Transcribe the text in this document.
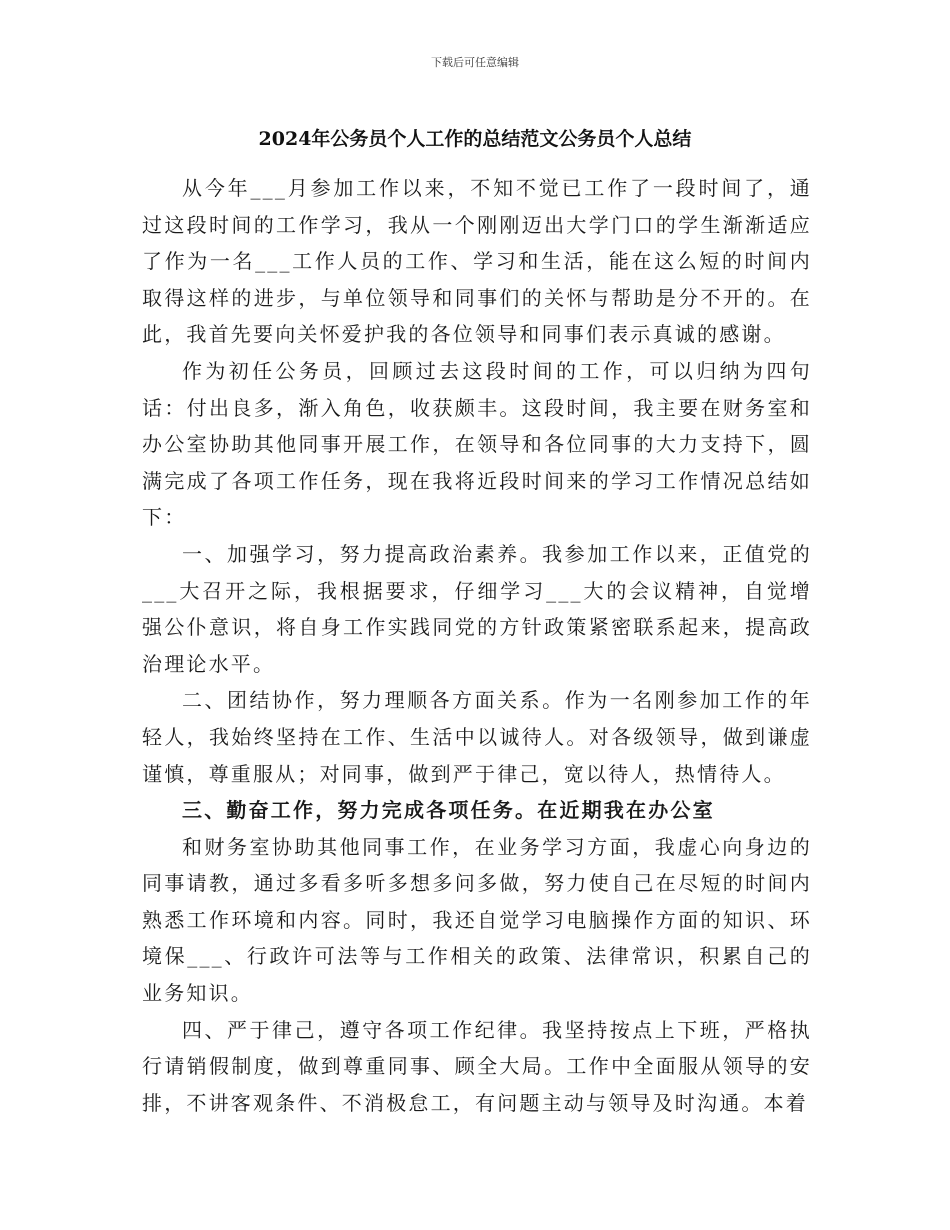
下载后可任意编辑
2024年公务员个人工作的总结范文公务员个人总结

从今年___月参加工作以来，不知不觉已工作了一段时间了，通过这段时间的工作学习，我从一个刚刚迈出大学门口的学生渐渐适应了作为一名___工作人员的工作、学习和生活，能在这么短的时间内取得这样的进步，与单位领导和同事们的关怀与帮助是分不开的。在此，我首先要向关怀爱护我的各位领导和同事们表示真诚的感谢。

作为初任公务员，回顾过去这段时间的工作，可以归纳为四句话：付出良多，渐入角色，收获颇丰。这段时间，我主要在财务室和办公室协助其他同事开展工作，在领导和各位同事的大力支持下，圆满完成了各项工作任务，现在我将近段时间来的学习工作情况总结如下：

一、加强学习，努力提高政治素养。我参加工作以来，正值党的___大召开之际，我根据要求，仔细学习___大的会议精神，自觉增强公仆意识，将自身工作实践同党的方针政策紧密联系起来，提高政治理论水平。

二、团结协作，努力理顺各方面关系。作为一名刚参加工作的年轻人，我始终坚持在工作、生活中以诚待人。对各级领导，做到谦虚谨慎，尊重服从；对同事，做到严于律己，宽以待人，热情待人。

三、勤奋工作，努力完成各项任务。在近期我在办公室

和财务室协助其他同事工作，在业务学习方面，我虚心向身边的同事请教，通过多看多听多想多问多做，努力使自己在尽短的时间内熟悉工作环境和内容。同时，我还自觉学习电脑操作方面的知识、环境保___、行政许可法等与工作相关的政策、法律常识，积累自己的业务知识。

四、严于律己，遵守各项工作纪律。我坚持按点上下班，严格执行请销假制度，做到尊重同事、顾全大局。工作中全面服从领导的安排，不讲客观条件、不消极怠工，有问题主动与领导及时沟通。本着
